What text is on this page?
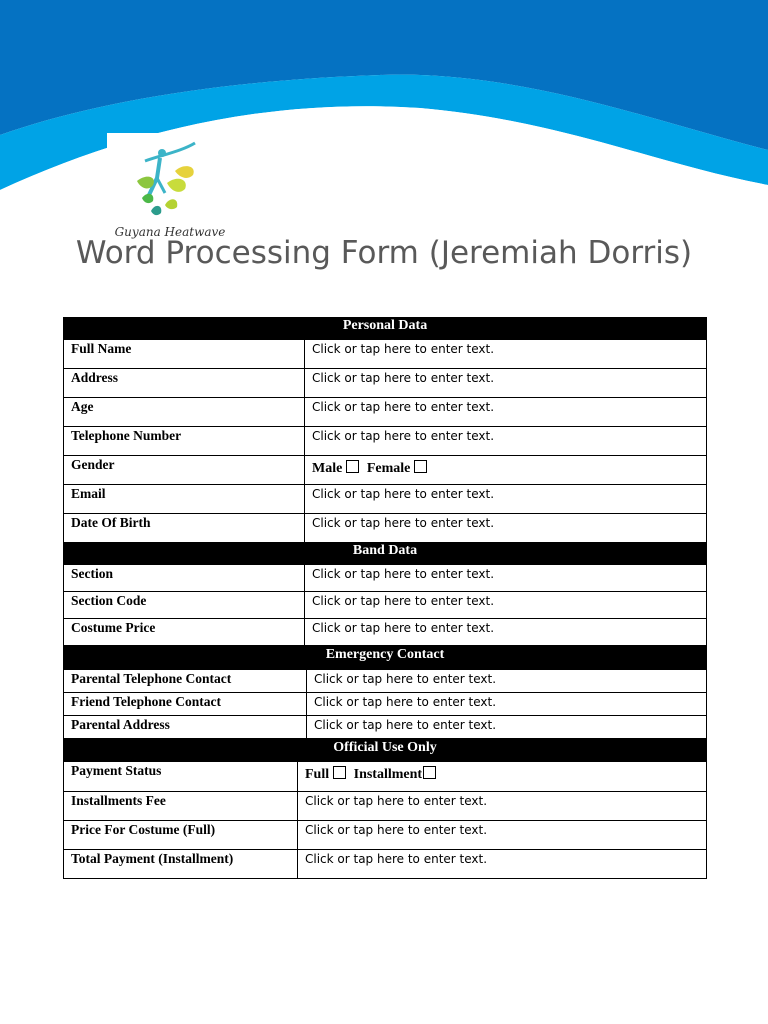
Guyana Heatwave
Word Processing Form (Jeremiah Dorris)
Personal Data	
Full Name	Click or tap here to enter text.
Address	Click or tap here to enter text.
Age	Click or tap here to enter text.
Telephone Number	Click or tap here to enter text.
Gender	Male Female
Email	Click or tap here to enter text.
Date Of Birth	Click or tap here to enter text.
Band Data	
Section	Click or tap here to enter text.
Section Code	Click or tap here to enter text.
Costume Price	Click or tap here to enter text.
Emergency Contact	
Parental Telephone Contact	Click or tap here to enter text.
Friend Telephone Contact	Click or tap here to enter text.
Parental Address	Click or tap here to enter text.
Official Use Only	
Payment Status	Full Installment
Installments Fee	Click or tap here to enter text.
Price For Costume (Full)	Click or tap here to enter text.
Total Payment (Installment)	Click or tap here to enter text.
